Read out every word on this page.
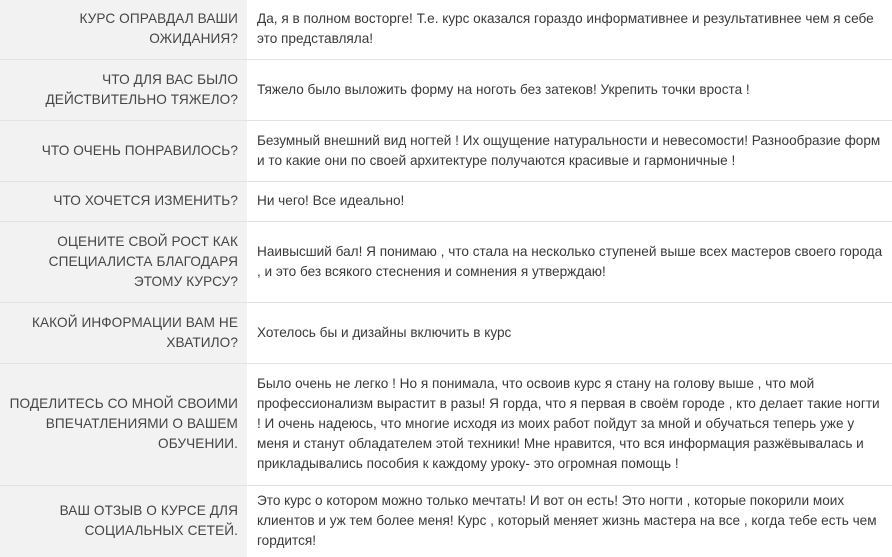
КУРС ОПРАВДАЛ ВАШИ ОЖИДАНИЯ?	Да, я в полном восторге! Т.е. курс оказался гораздо информативнее и результативнее чем я себе это представляла!

ЧТО ДЛЯ ВАС БЫЛО ДЕЙСТВИТЕЛЬНО ТЯЖЕЛО?	Тяжело было выложить форму на ноготь без затеков! Укрепить точки вроста !

ЧТО ОЧЕНЬ ПОНРАВИЛОСЬ?	Безумный внешний вид ногтей ! Их ощущение натуральности и невесомости! Разнообразие форм и то какие они по своей архитектуре получаются красивые и гармоничные !

ЧТО ХОЧЕТСЯ ИЗМЕНИТЬ?	Ни чего! Все идеально!

ОЦЕНИТЕ СВОЙ РОСТ КАК СПЕЦИАЛИСТА БЛАГОДАРЯ ЭТОМУ КУРСУ?	Наивысший бал! Я понимаю , что стала на несколько ступеней выше всех мастеров своего города , и это без всякого стеснения и сомнения я утверждаю!

КАКОЙ ИНФОРМАЦИИ ВАМ НЕ ХВАТИЛО?	Хотелось бы и дизайны включить в курс

ПОДЕЛИТЕСЬ СО МНОЙ СВОИМИ ВПЕЧАТЛЕНИЯМИ О ВАШЕМ ОБУЧЕНИИ.	Было очень не легко ! Но я понимала, что освоив курс я стану на голову выше , что мой профессионализм вырастит в разы! Я горда, что я первая в своём городе , кто делает такие ногти ! И очень надеюсь, что многие исходя из моих работ пойдут за мной и обучаться теперь уже у меня и станут обладателем этой техники! Мне нравится, что вся информация разжёвывалась и прикладывались пособия к каждому уроку- это огромная помощь !

ВАШ ОТЗЫВ О КУРСЕ ДЛЯ СОЦИАЛЬНЫХ СЕТЕЙ.	Это курс о котором можно только мечтать! И вот он есть! Это ногти , которые покорили моих клиентов и уж тем более меня! Курс , который меняет жизнь мастера на все , когда тебе есть чем гордится!
